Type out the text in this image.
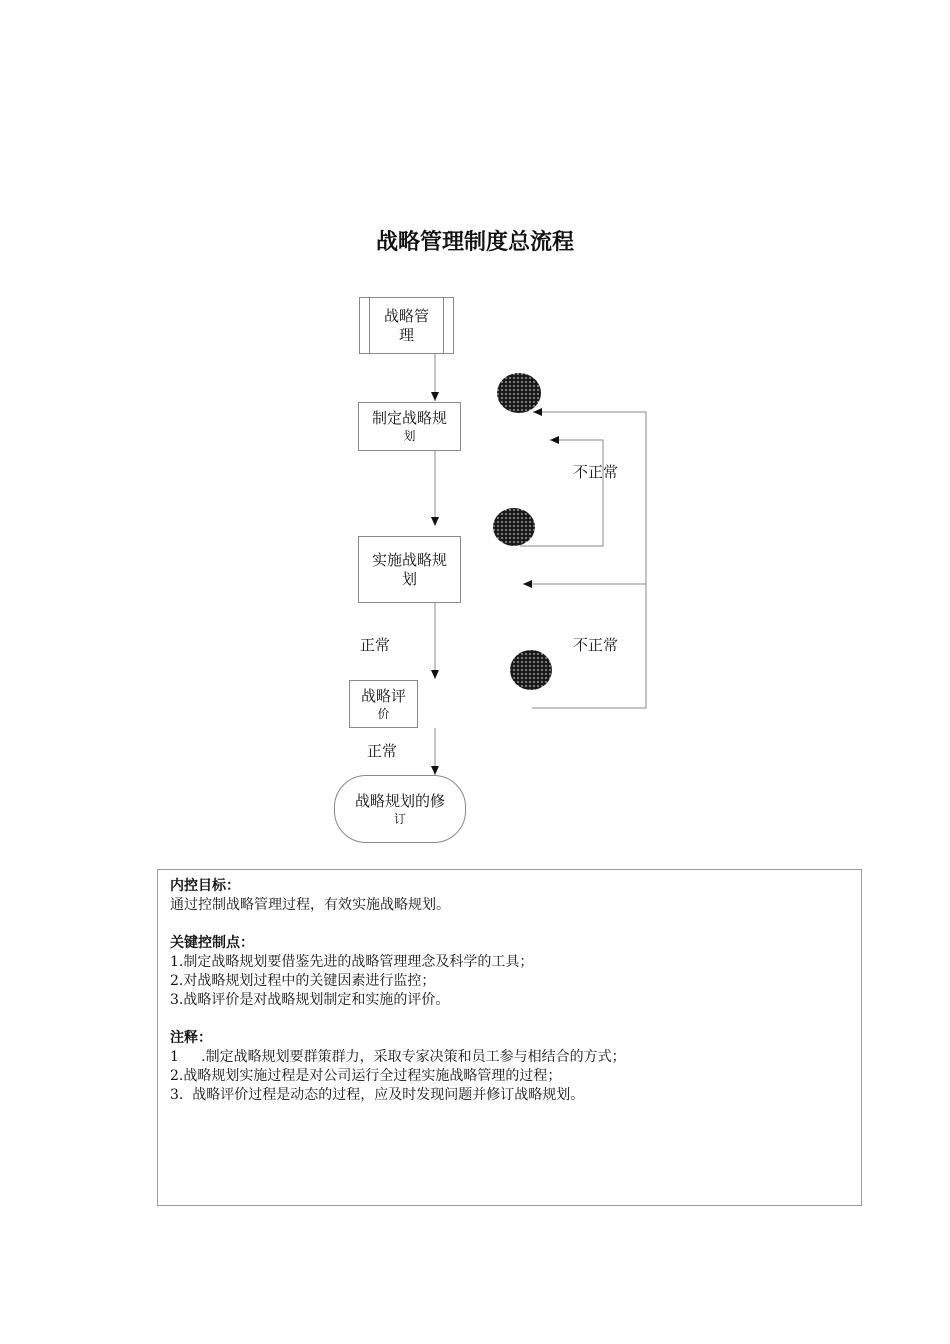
战略管理制度总流程
战略管
理
制定战略规
划
实施战略规
划
战略评
价
战略规划的修
订
不正常
不正常
正常
正常

内控目标：

通过控制战略管理过程，有效实施战略规划。

关键控制点：

1.制定战略规划要借鉴先进的战略管理理念及科学的工具；

2.对战略规划过程中的关键因素进行监控；

3.战略评价是对战略规划制定和实施的评价。

注释：

1     .制定战略规划要群策群力，采取专家决策和员工参与相结合的方式；

2.战略规划实施过程是对公司运行全过程实施战略管理的过程；

3.  战略评价过程是动态的过程，应及时发现问题并修订战略规划。
